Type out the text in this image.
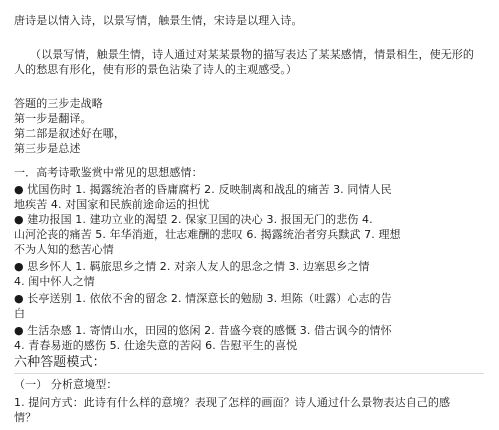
唐诗是以情入诗，以景写情，触景生情，宋诗是以理入诗。
（以景写情，触景生情，诗人通过对某某景物的描写表达了某某感情，情景相生，使无形的
人的愁思有形化，使有形的景色沾染了诗人的主观感受。）
答题的三步走战略
第一步是翻译。
第二部是叙述好在哪，
第三步是总述
一．高考诗歌鉴赏中常见的思想感情：
● 忧国伤时 1. 揭露统治者的昏庸腐朽 2. 反映制离和战乱的痛苦 3. 同情人民
地疾苦 4. 对国家和民族前途命运的担忧
● 建功报国 1. 建功立业的渴望 2. 保家卫国的决心 3. 报国无门的悲伤 4.
山河沦丧的痛苦 5. 年华消逝，壮志难酬的悲叹 6. 揭露统治者穷兵黩武 7. 理想
不为人知的愁苦心情
● 思乡怀人 1. 羁旅思乡之情 2. 对亲人友人的思念之情 3. 边塞思乡之情
4. 闺中怀人之情
● 长亭送别 1. 依依不舍的留念 2. 情深意长的勉励 3. 坦陈（吐露）心志的告
白
● 生活杂感 1. 寄情山水，田园的悠闲 2. 昔盛今衰的感慨 3. 借古讽今的情怀
4. 青春易逝的感伤 5. 仕途失意的苦闷 6. 告慰平生的喜悦
六种答题模式：
（一） 分析意境型：
1. 提问方式：此诗有什么样的意境？表现了怎样的画面？诗人通过什么景物表达自己的感
情？
